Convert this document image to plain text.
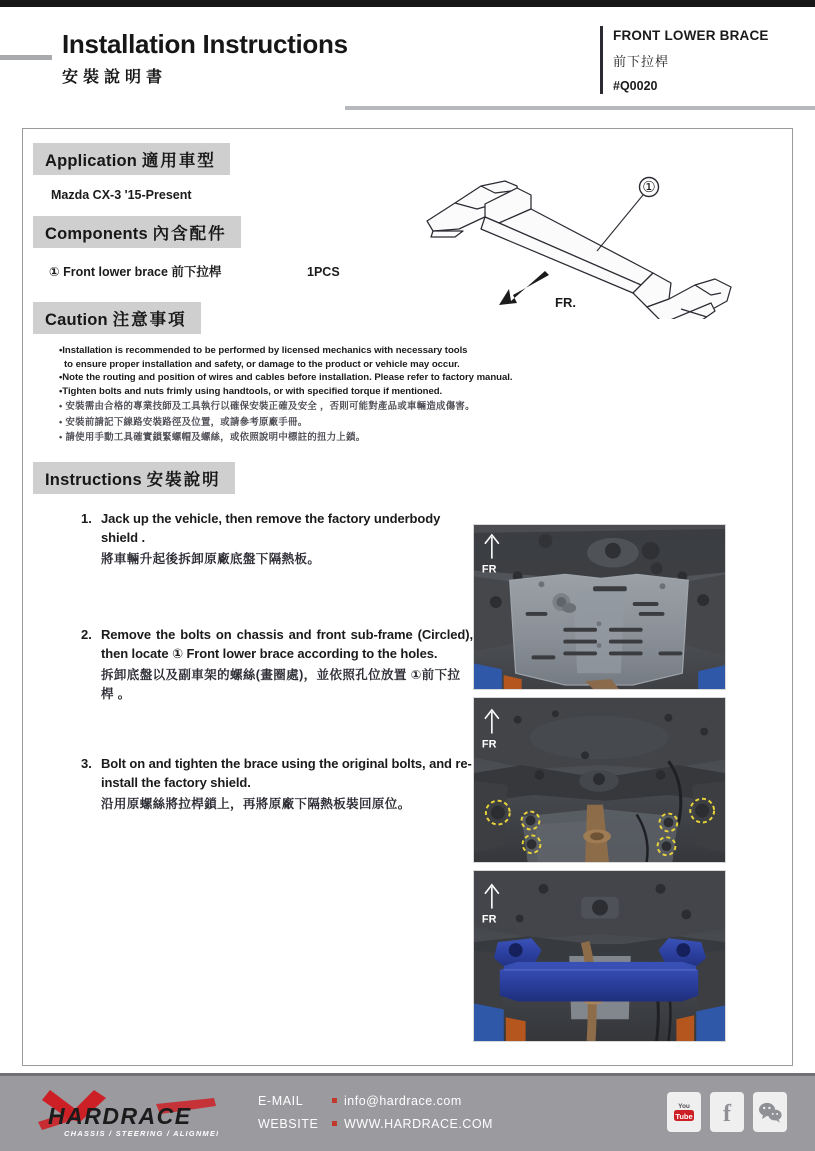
Installation Instructions
安裝說明書
FRONT LOWER BRACE
前下拉桿
#Q0020
Application 適用車型
Mazda CX-3 '15-Present
Components 內含配件
① Front lower brace 前下拉桿	1PCS
①
FR.
Caution 注意事項
•Installation is recommended to be performed by licensed mechanics with necessary tools
to ensure proper installation and safety, or damage to the product or vehicle may occur.
•Note the routing and position of wires and cables before installation. Please refer to factory manual.
•Tighten bolts and nuts frimly using handtools, or with specified torque if mentioned.
• 安裝需由合格的專業技師及工具執行以確保安裝正確及安全 ，否則可能對產品或車輛造成傷害。
• 安裝前請記下線路安裝路徑及位置，或請參考原廠手冊。
• 請使用手動工具確實鎖緊螺帽及螺絲，或依照說明中標註的扭力上鎖。
Instructions 安裝說明
1. Jack up the vehicle, then remove the factory underbody shield .
將車輛升起後拆卸原廠底盤下隔熱板。
2. Remove the bolts on chassis and front sub-frame (Circled), then locate ① Front lower brace according to the holes.
拆卸底盤以及副車架的螺絲(畫圈處)，並依照孔位放置 ①前下拉桿 。
3. Bolt on and tighten the brace using the original bolts, and re-install the factory shield.
沿用原螺絲將拉桿鎖上，再將原廠下隔熱板裝回原位。
FR
FR
FR
HARDRACE
CHASSIS / STEERING / ALIGNMENT
E-MAIL	info@hardrace.com
WEBSITE	WWW.HARDRACE.COM
You
Tube f
